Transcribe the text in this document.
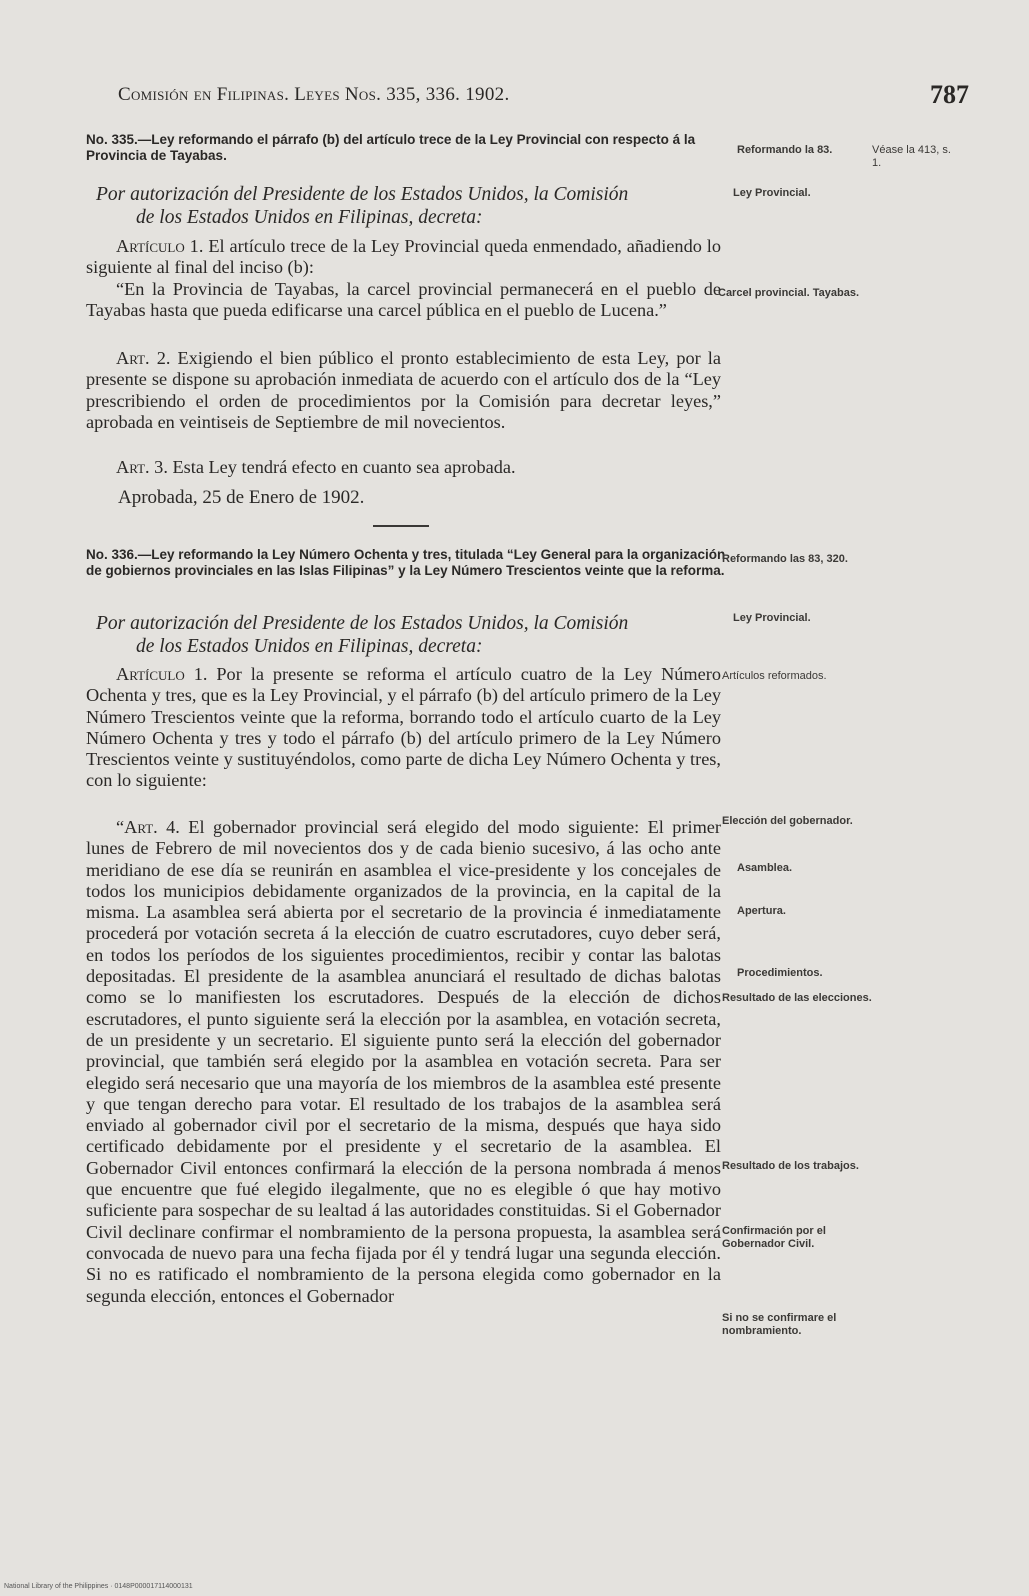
Comisión en Filipinas. Leyes Nos. 335, 336. 1902.	787
No. 335.—Ley reformando el párrafo (b) del artículo trece de la Ley Provincial con respecto á la Provincia de Tayabas.
Por autorización del Presidente de los Estados Unidos, la Comisión
de los Estados Unidos en Filipinas, decreta:
Artículo 1. El artículo trece de la Ley Provincial queda enmendado, añadiendo lo siguiente al final del inciso (b):
“En la Provincia de Tayabas, la carcel provincial permanecerá en el pueblo de Tayabas hasta que pueda edificarse una carcel pública en el pueblo de Lucena.”
Art. 2. Exigiendo el bien público el pronto establecimiento de esta Ley, por la presente se dispone su aprobación inmediata de acuerdo con el artículo dos de la “Ley prescribiendo el orden de procedimientos por la Comisión para decretar leyes,” aprobada en veintiseis de Septiembre de mil novecientos.
Art. 3. Esta Ley tendrá efecto en cuanto sea aprobada.
Aprobada, 25 de Enero de 1902.
No. 336.—Ley reformando la Ley Número Ochenta y tres, titulada “Ley General para la organización de gobiernos provinciales en las Islas Filipinas” y la Ley Número Trescientos veinte que la reforma.
Por autorización del Presidente de los Estados Unidos, la Comisión
de los Estados Unidos en Filipinas, decreta:
Artículo 1. Por la presente se reforma el artículo cuatro de la Ley Número Ochenta y tres, que es la Ley Provincial, y el párrafo (b) del artículo primero de la Ley Número Trescientos veinte que la reforma, borrando todo el artículo cuarto de la Ley Número Ochenta y tres y todo el párrafo (b) del artículo primero de la Ley Número Trescientos veinte y sustituyéndolos, como parte de dicha Ley Número Ochenta y tres, con lo siguiente:
“Art. 4. El gobernador provincial será elegido del modo siguiente: El primer lunes de Febrero de mil novecientos dos y de cada bienio sucesivo, á las ocho ante meridiano de ese día se reunirán en asamblea el vice-presidente y los concejales de todos los municipios debidamente organizados de la provincia, en la capital de la misma. La asamblea será abierta por el secretario de la provincia é inmediatamente procederá por votación secreta á la elección de cuatro escrutadores, cuyo deber será, en todos los períodos de los siguientes procedimientos, recibir y contar las balotas depositadas. El presidente de la asamblea anunciará el resultado de dichas balotas como se lo manifiesten los escrutadores. Después de la elección de dichos escrutadores, el punto siguiente será la elección por la asamblea, en votación secreta, de un presidente y un secretario. El siguiente punto será la elección del gobernador provincial, que también será elegido por la asamblea en votación secreta. Para ser elegido será necesario que una mayoría de los miembros de la asamblea esté presente y que tengan derecho para votar. El resultado de los trabajos de la asamblea será enviado al gobernador civil por el secretario de la misma, después que haya sido certificado debidamente por el presidente y el secretario de la asamblea. El Gobernador Civil entonces confirmará la elección de la persona nombrada á menos que encuentre que fué elegido ilegalmente, que no es elegible ó que hay motivo suficiente para sospechar de su lealtad á las autoridades constituidas. Si el Gobernador Civil declinare confirmar el nombramiento de la persona propuesta, la asamblea será convocada de nuevo para una fecha fijada por él y tendrá lugar una segunda elección. Si no es ratificado el nombramiento de la persona elegida como gobernador en la segunda elección, entonces el Gobernador
Reformando la 83.	Véase la 413, s. 1.
Ley Provincial.
Carcel provincial. Tayabas.
Reformando las 83, 320.
Ley Provincial.
Artículos reformados.
Elección del gobernador.
Asamblea.
Apertura.
Procedimientos.
Resultado de las elecciones.
Resultado de los trabajos.
Confirmación por el Gobernador Civil.
Si no se confirmare el nombramiento.
National Library of the Philippines · 0148P000017114000131
